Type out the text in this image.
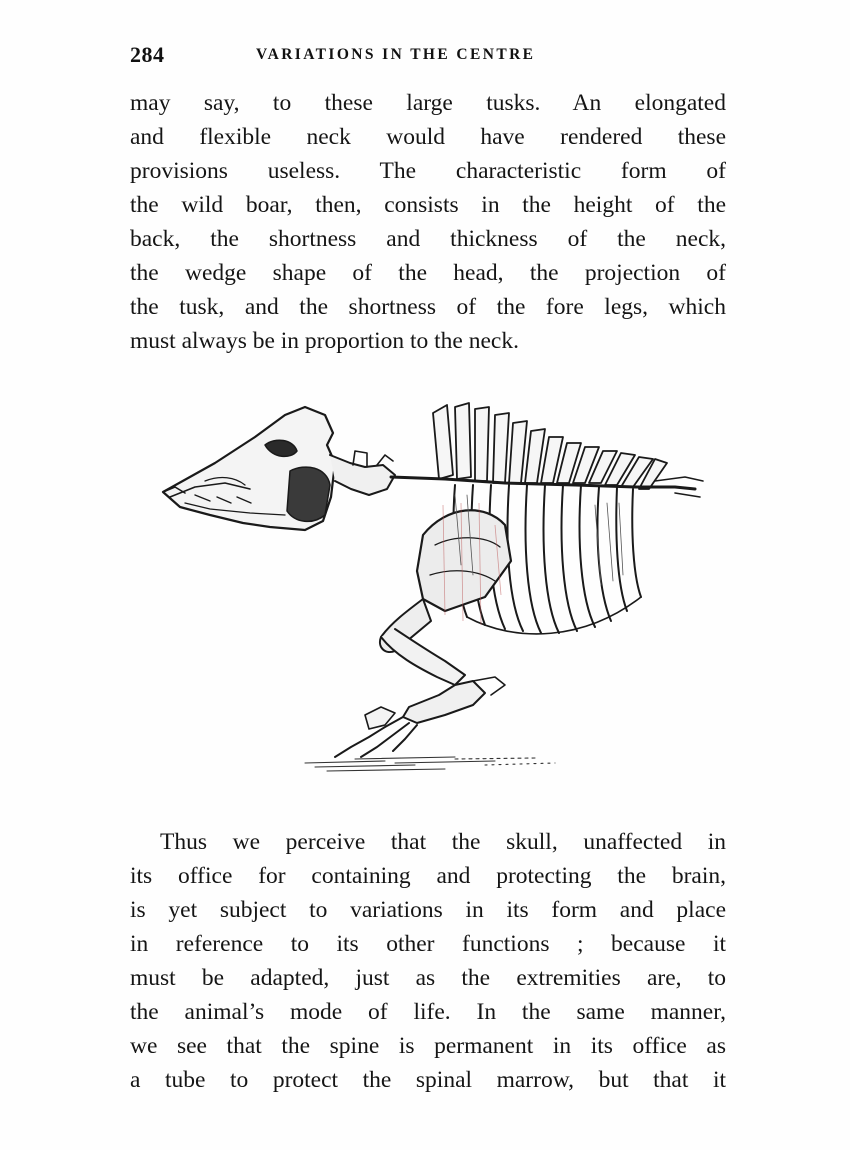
284	VARIATIONS IN THE CENTRE
may say, to these large tusks. An elongated
and flexible neck would have rendered these
provisions useless. The characteristic form of
the wild boar, then, consists in the height of the
back, the shortness and thickness of the neck,
the wedge shape of the head, the projection of
the tusk, and the shortness of the fore legs, which
must always be in proportion to the neck.
Thus we perceive that the skull, unaffected in
its office for containing and protecting the brain,
is yet subject to variations in its form and place
in reference to its other functions ; because it
must be adapted, just as the extremities are, to
the animal’s mode of life. In the same manner,
we see that the spine is permanent in its office as
a tube to protect the spinal marrow, but that it
